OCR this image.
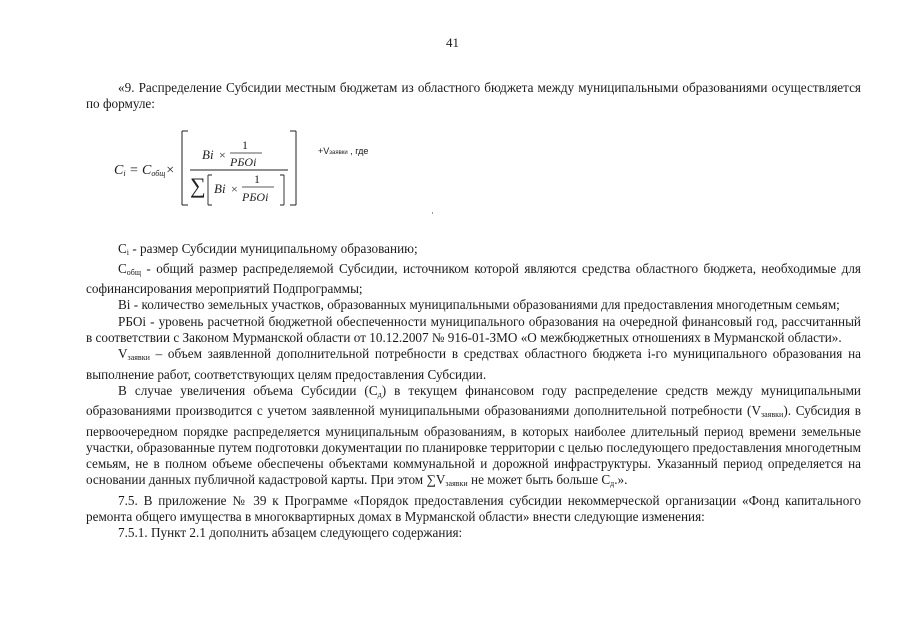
41

«9. Распределение Субсидии местным бюджетам из областного бюджета между муниципальными образованиями осуществляется по формуле:

$C_i = C_{общ}\times$
Bi ×
1
РБОi
∑ Bi ×
1
РБОi
+Vзаявки , где

$C_i$ - размер Субсидии муниципальному образованию;

$C_{общ}$ - общий размер распределяемой Субсидии, источником которой являются средства областного бюджета, необходимые для софинансирования мероприятий Подпрограммы;

Bi - количество земельных участков, образованных муниципальными образованиями для предоставления многодетным семьям;

РБОi - уровень расчетной бюджетной обеспеченности муниципального образования на очередной финансовый год, рассчитанный в соответствии с Законом Мурманской области от 10.12.2007 № 916-01-ЗМО «О межбюджетных отношениях в Мурманской области».

$V_{заявки}$ – объем заявленной дополнительной потребности в средствах областного бюджета i-го муниципального образования на выполнение работ, соответствующих целям предоставления Субсидии.

В случае увеличения объема Субсидии $(С_д)$ в текущем финансовом году распределение средств между муниципальными образованиями производится с учетом заявленной муниципальными образованиями дополнительной потребности $(V_{заявки})$. Субсидия в первоочередном порядке распределяется муниципальным образованиям, в которых наиболее длительный период времени земельные участки, образованные путем подготовки документации по планировке территории с целью последующего предоставления многодетным семьям, не в полном объеме обеспечены объектами коммунальной и дорожной инфраструктуры. Указанный период определяется на основании данных публичной кадастровой карты. При этом $\sum V_{заявки}$ не может быть больше $С_д$.».

7.5. В приложение № 39 к Программе «Порядок предоставления субсидии некоммерческой организации «Фонд капитального ремонта общего имущества в многоквартирных домах в Мурманской области» внести следующие изменения:

7.5.1. Пункт 2.1 дополнить абзацем следующего содержания:
